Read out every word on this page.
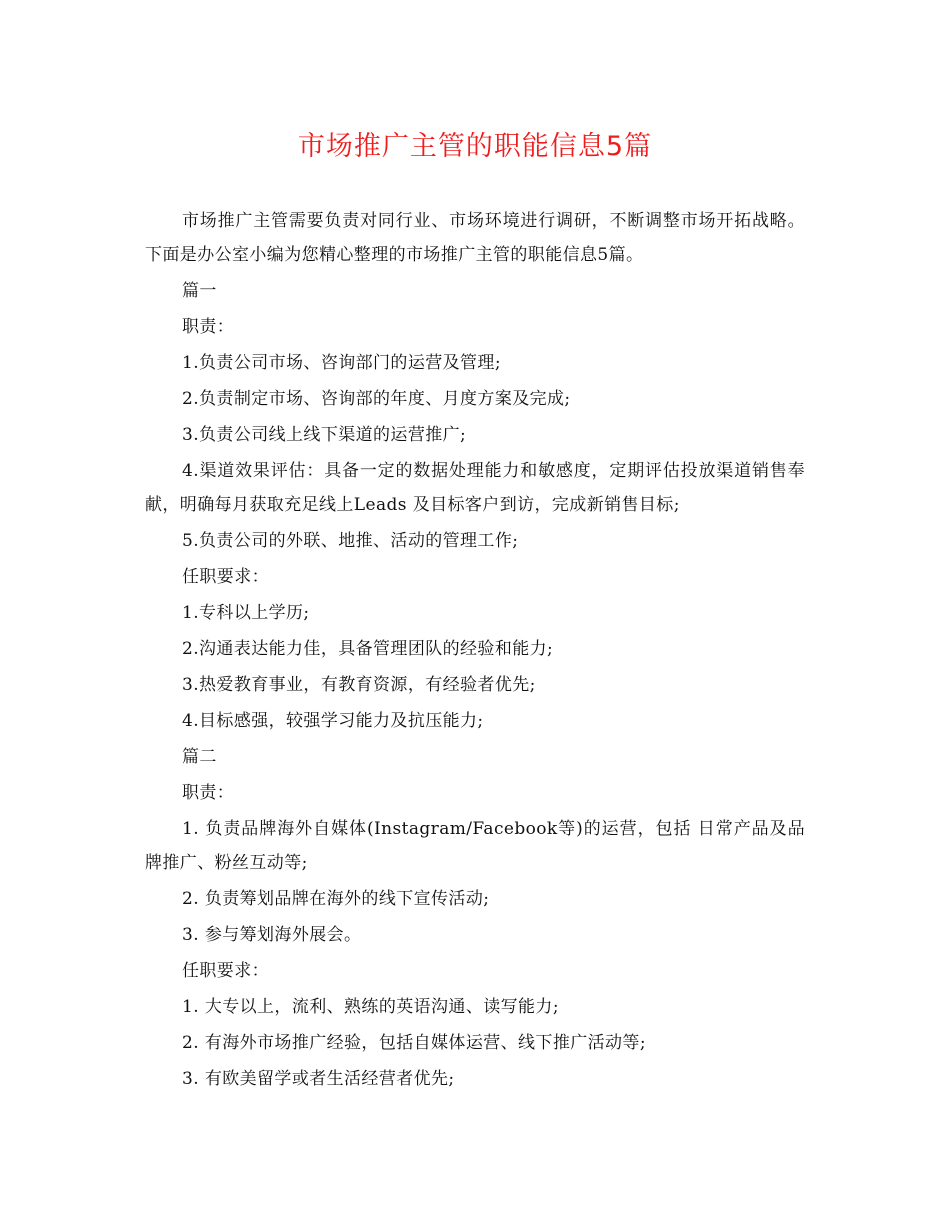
市场推广主管的职能信息5篇

市场推广主管需要负责对同行业、市场环境进行调研，不断调整市场开拓战略。下面是办公室小编为您精心整理的市场推广主管的职能信息5篇。

篇一

职责：

1.负责公司市场、咨询部门的运营及管理;

2.负责制定市场、咨询部的年度、月度方案及完成;

3.负责公司线上线下渠道的运营推广;

4.渠道效果评估：具备一定的数据处理能力和敏感度，定期评估投放渠道销售奉献，明确每月获取充足线上Leads 及目标客户到访，完成新销售目标;

5.负责公司的外联、地推、活动的管理工作;

任职要求：

1.专科以上学历;

2.沟通表达能力佳，具备管理团队的经验和能力;

3.热爱教育事业，有教育资源，有经验者优先;

4.目标感强，较强学习能力及抗压能力;

篇二

职责：

1. 负责品牌海外自媒体(Instagram/Facebook等)的运营，包括 日常产品及品牌推广、粉丝互动等;

2. 负责筹划品牌在海外的线下宣传活动;

3. 参与筹划海外展会。

任职要求：

1. 大专以上，流利、熟练的英语沟通、读写能力;

2. 有海外市场推广经验，包括自媒体运营、线下推广活动等;

3. 有欧美留学或者生活经营者优先;
